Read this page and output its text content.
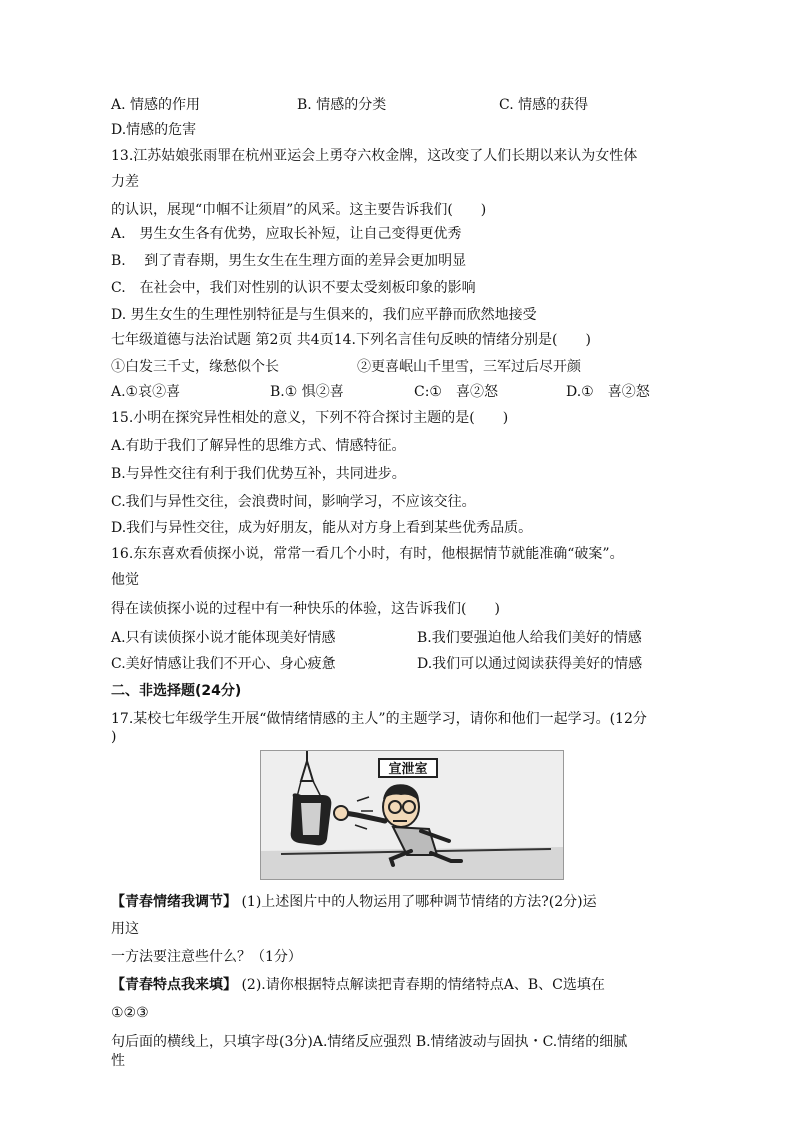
A. 情感的作用	B. 情感的分类	C. 情感的获得
D.情感的危害
13.江苏姑娘张雨罪在杭州亚运会上勇夺六枚金牌，这改变了人们长期以来认为女性体
力差
的认识，展现“巾帼不让须眉”的风采。这主要告诉我们(　　)
A.　男生女生各有优势，应取长补短，让自己变得更优秀
B.　 到了青春期，男生女生在生理方面的差异会更加明显
C.　在社会中，我们对性别的认识不要太受刻板印象的影响
D. 男生女生的生理性别特征是与生俱来的，我们应平静而欣然地接受
七年级道德与法治试题 第2页 共4页14.下列名言佳句反映的情绪分别是(　　)
①白发三千丈，缘愁似个长	②更喜岷山千里雪，三军过后尽开颜
A.①哀②喜	B.① 惧②喜	C:①　喜②怒	D.①　喜②怒
15.小明在探究异性相处的意义，下列不符合探讨主题的是(　　)
A.有助于我们了解异性的思维方式、情感特征。
B.与异性交往有利于我们优势互补，共同进步。
C.我们与异性交往，会浪费时间，影响学习，不应该交往。
D.我们与异性交往，成为好朋友，能从对方身上看到某些优秀品质。
16.东东喜欢看侦探小说，常常一看几个小时，有时，他根据情节就能准确“破案”。
他觉
得在读侦探小说的过程中有一种快乐的体验，这告诉我们(　　)
A.只有读侦探小说才能体现美好情感	B.我们要强迫他人给我们美好的情感
C.美好情感让我们不开心、身心疲惫	D.我们可以通过阅读获得美好的情感
二、非选择题(24分)
17.某校七年级学生开展“做情绪情感的主人”的主题学习，请你和他们一起学习。(12分
)
宣泄室
【青春情绪我调节】 (1)上述图片中的人物运用了哪种调节情绪的方法?(2分)运
用这
一方法要注意些什么？（1分）
【青春特点我来填】 (2).请你根据特点解读把青春期的情绪特点A、B、C选填在
①②③
句后面的横线上，只填字母(3分)A.情绪反应强烈 B.情绪波动与固执・C.情绪的细腻
性
